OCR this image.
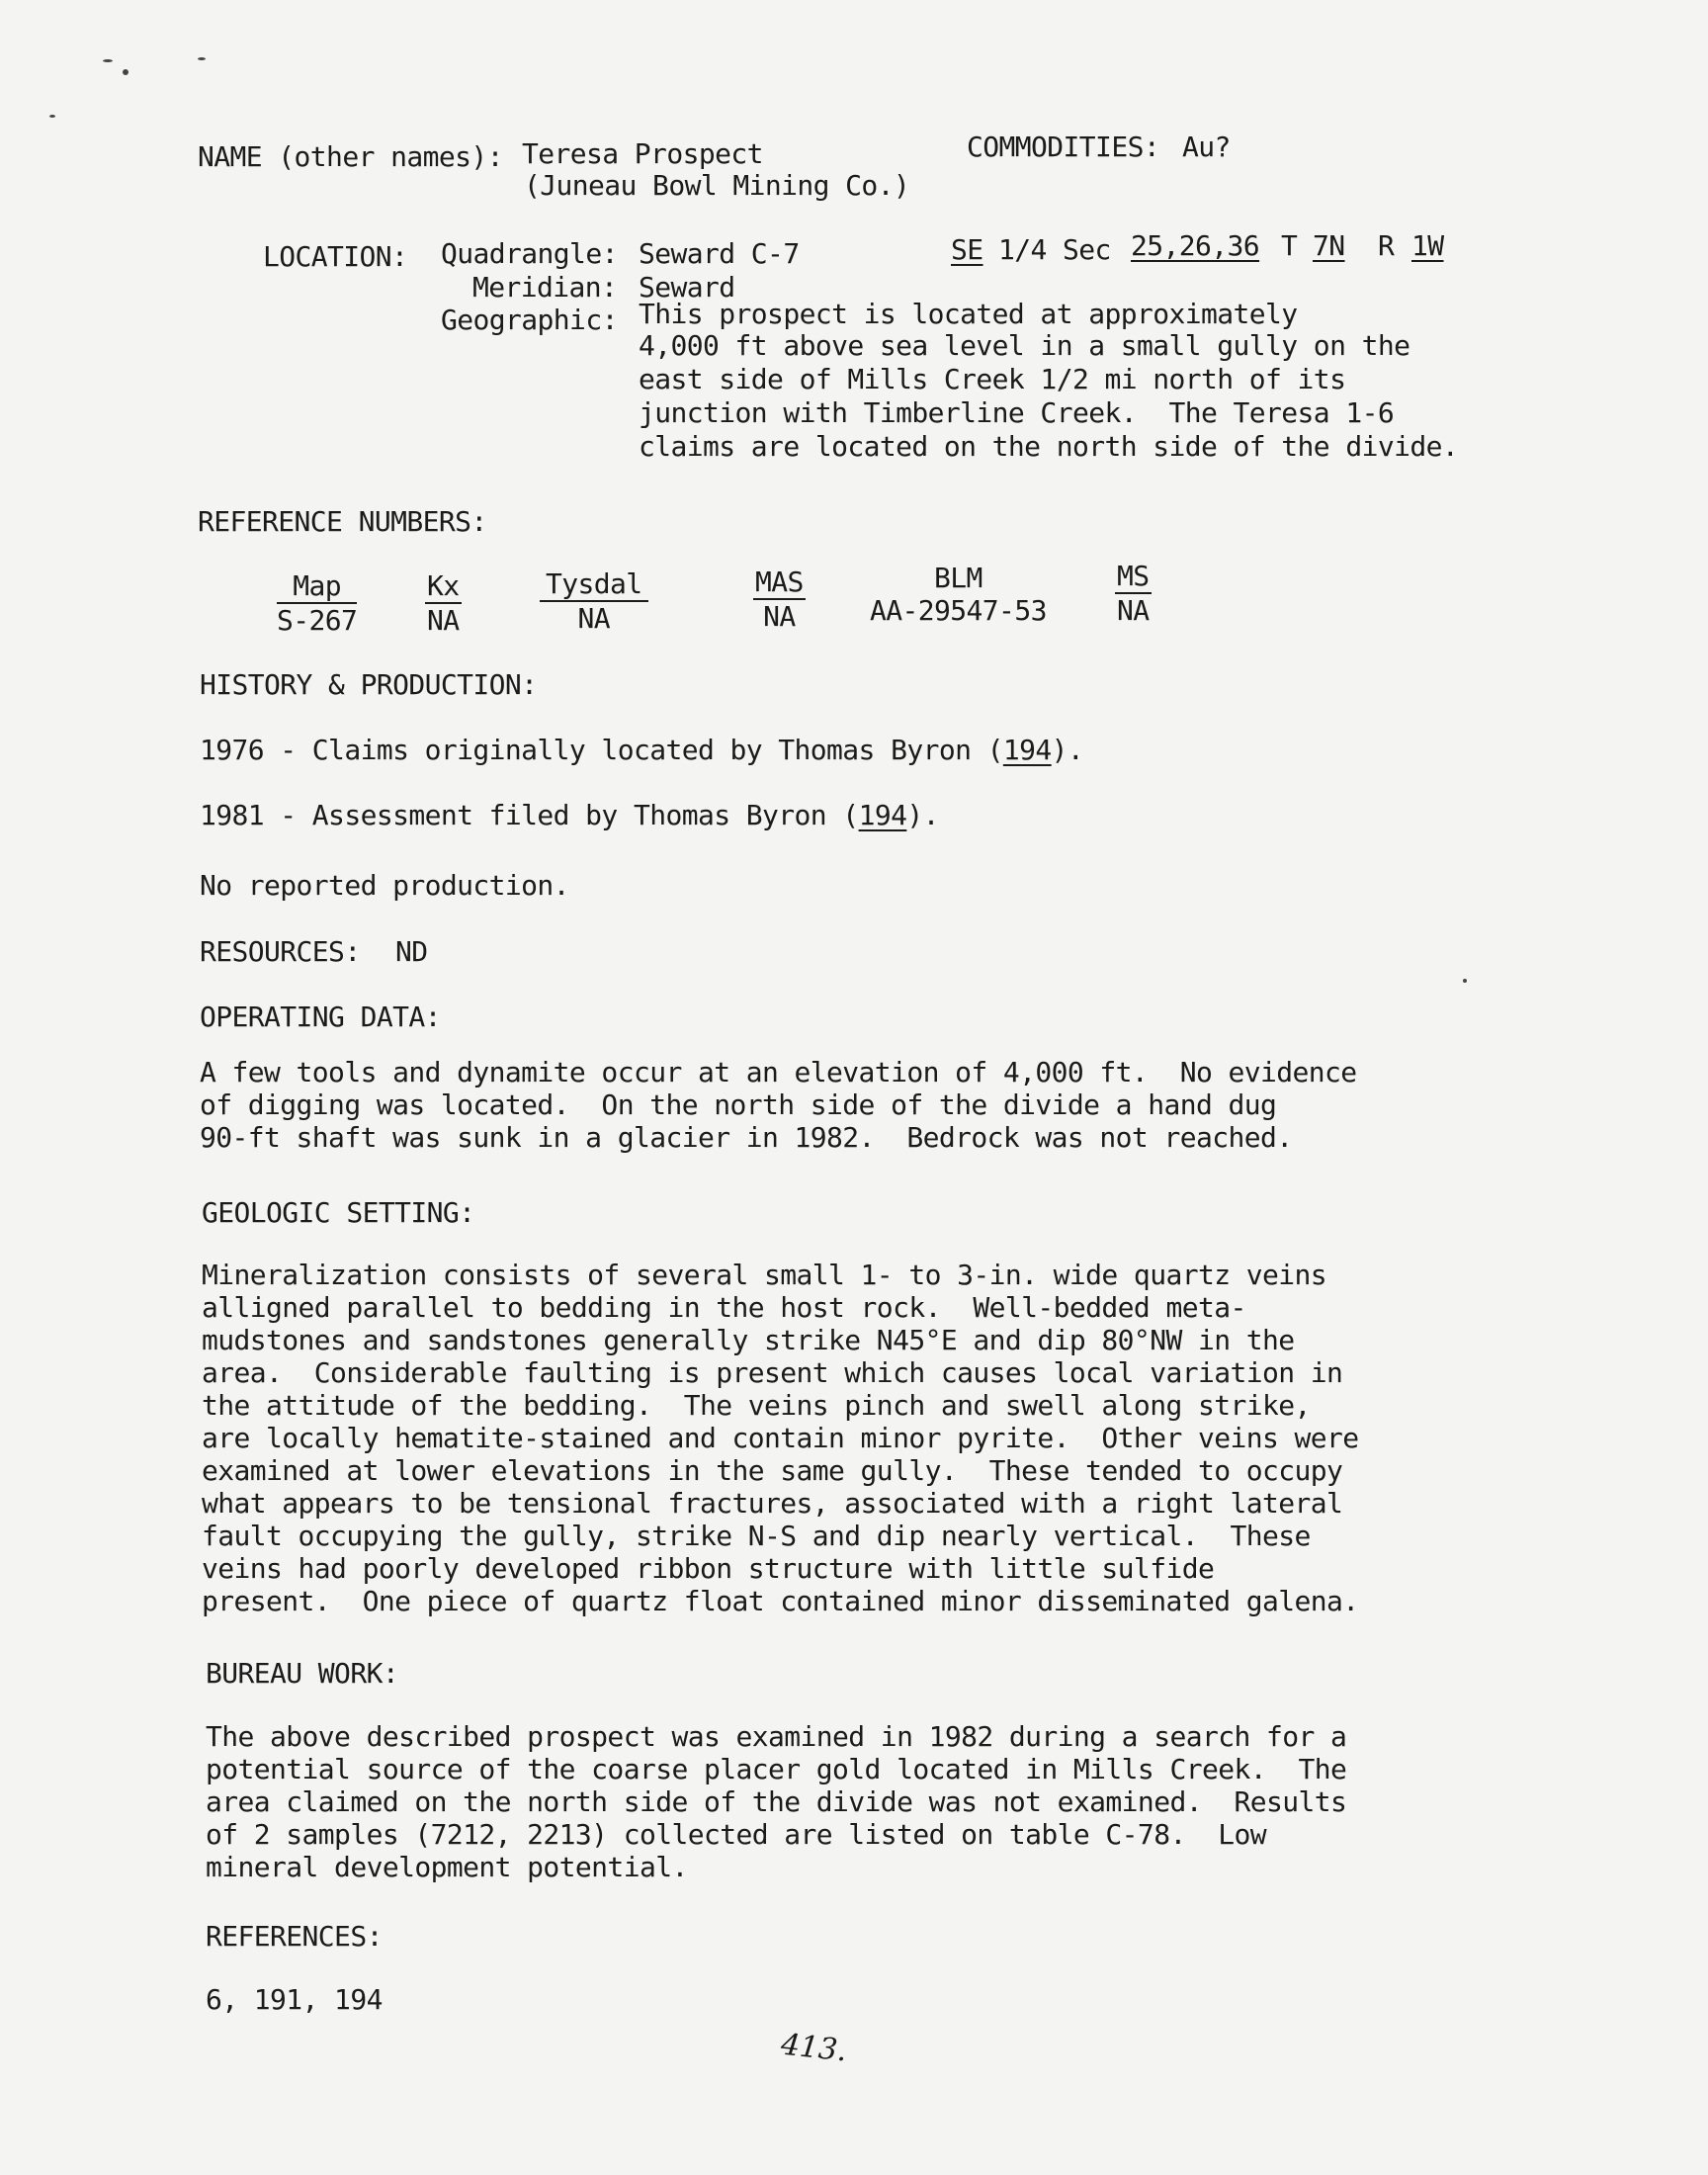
NAME (other names): Teresa Prospect
(Juneau Bowl Mining Co.)
COMMODITIES: Au?
LOCATION: Quadrangle: Seward C-7	SE 1/4 Sec 25,26,36 T 7N R 1W
Meridian: Seward
Geographic: This prospect is located at approximately
4,000 ft above sea level in a small gully on the
east side of Mills Creek 1/2 mi north of its
junction with Timberline Creek.  The Teresa 1-6
claims are located on the north side of the divide.
REFERENCE NUMBERS:
Map
S-267
Kx
NA
Tysdal
NA
MAS
NA
BLM
AA-29547-53
MS
NA
HISTORY & PRODUCTION:
1976 - Claims originally located by Thomas Byron (194).
1981 - Assessment filed by Thomas Byron (194).
No reported production.
RESOURCES: ND
OPERATING DATA:
A few tools and dynamite occur at an elevation of 4,000 ft.  No evidence
of digging was located.  On the north side of the divide a hand dug
90-ft shaft was sunk in a glacier in 1982.  Bedrock was not reached.
GEOLOGIC SETTING:
Mineralization consists of several small 1- to 3-in. wide quartz veins
alligned parallel to bedding in the host rock.  Well-bedded meta-
mudstones and sandstones generally strike N45°E and dip 80°NW in the
area.  Considerable faulting is present which causes local variation in
the attitude of the bedding.  The veins pinch and swell along strike,
are locally hematite-stained and contain minor pyrite.  Other veins were
examined at lower elevations in the same gully.  These tended to occupy
what appears to be tensional fractures, associated with a right lateral
fault occupying the gully, strike N-S and dip nearly vertical.  These
veins had poorly developed ribbon structure with little sulfide
present.  One piece of quartz float contained minor disseminated galena.
BUREAU WORK:
The above described prospect was examined in 1982 during a search for a
potential source of the coarse placer gold located in Mills Creek.  The
area claimed on the north side of the divide was not examined.  Results
of 2 samples (7212, 2213) collected are listed on table C-78.  Low
mineral development potential.
REFERENCES:
6, 191, 194
413.
